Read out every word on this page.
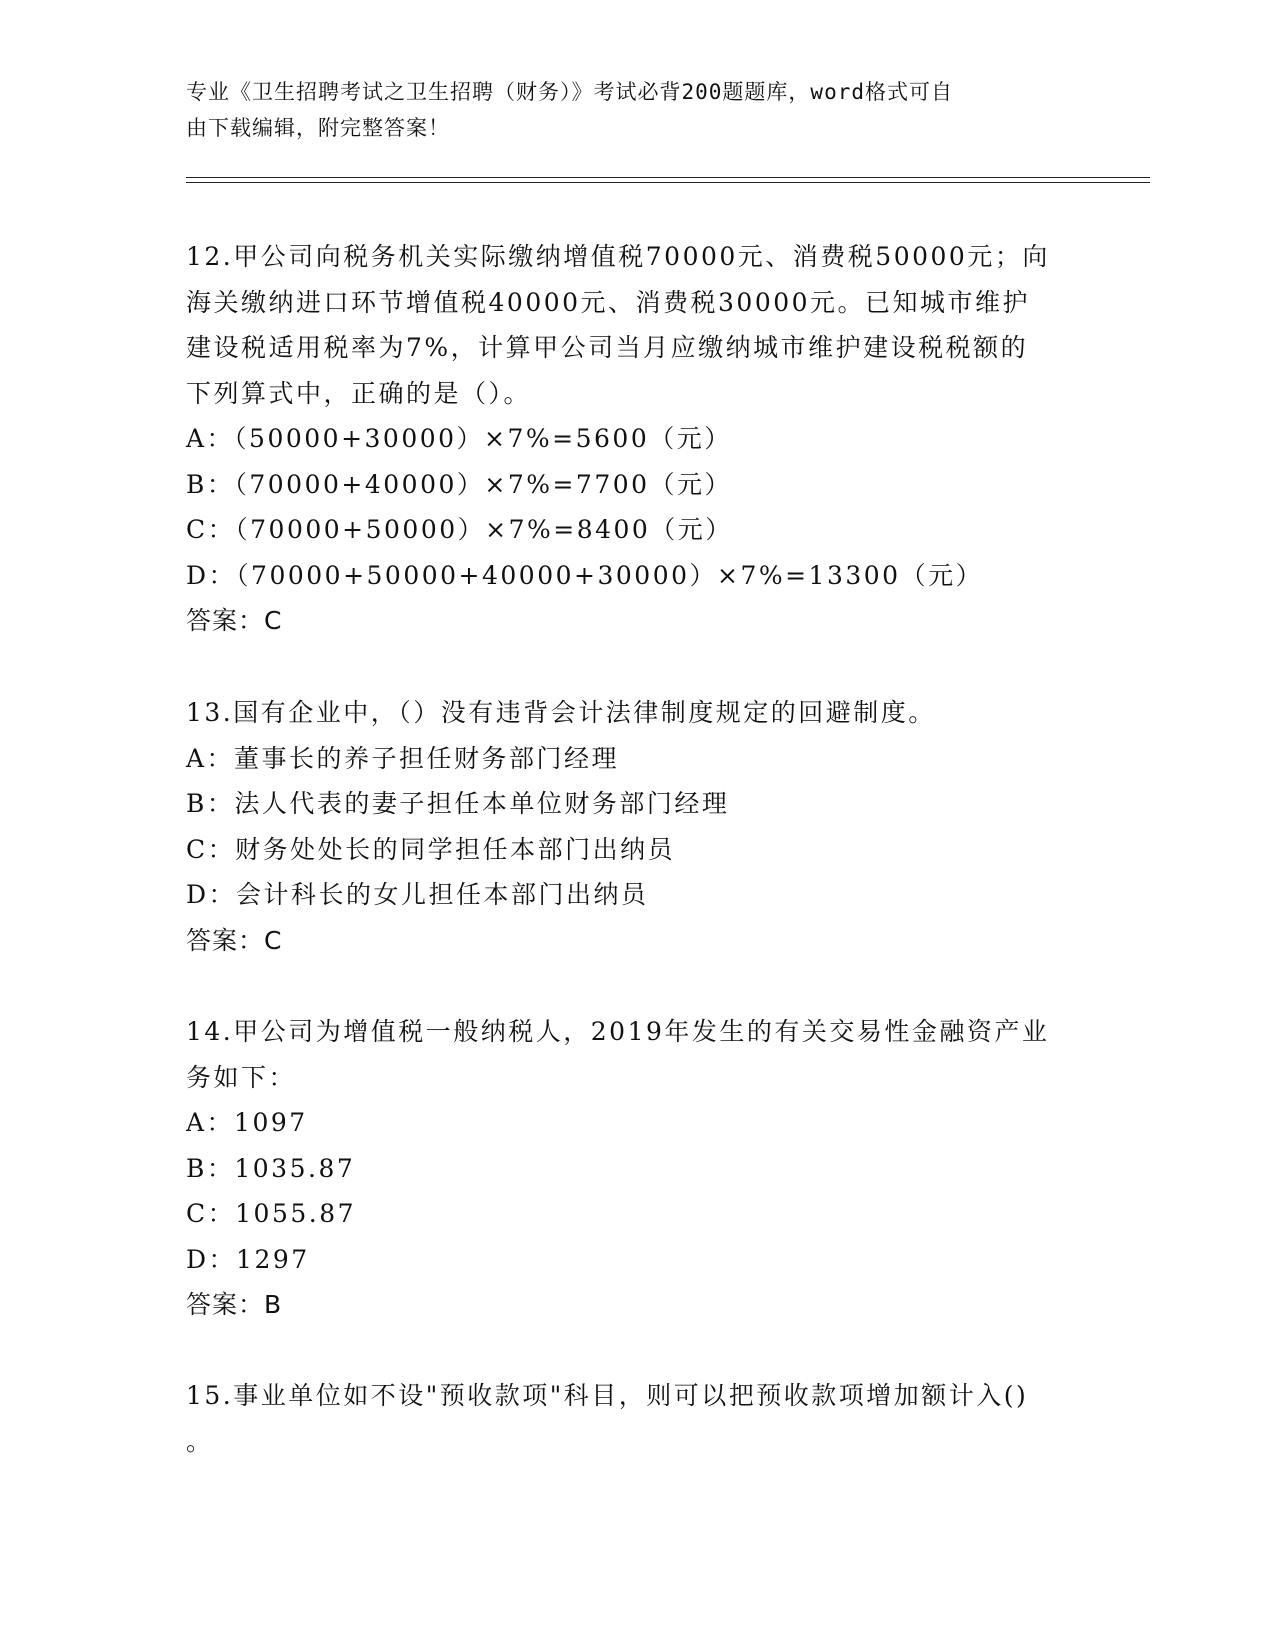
专业《卫生招聘考试之卫生招聘（财务）》考试必背200题题库，word格式可自
由下载编辑，附完整答案！
12.甲公司向税务机关实际缴纳增值税70000元、消费税50000元；向
海关缴纳进口环节增值税40000元、消费税30000元。已知城市维护
建设税适用税率为7%，计算甲公司当月应缴纳城市维护建设税税额的
下列算式中，正确的是（）。
A：（50000+30000）×7%=5600（元）
B：（70000+40000）×7%=7700（元）
C：（70000+50000）×7%=8400（元）
D：（70000+50000+40000+30000）×7%=13300（元）
答案：C
13.国有企业中，（）没有违背会计法律制度规定的回避制度。
A：董事长的养子担任财务部门经理
B：法人代表的妻子担任本单位财务部门经理
C：财务处处长的同学担任本部门出纳员
D：会计科长的女儿担任本部门出纳员
答案：C
14.甲公司为增值税一般纳税人，2019年发生的有关交易性金融资产业
务如下：
A：1097
B：1035.87
C：1055.87
D：1297
答案：B
15.事业单位如不设"预收款项"科目，则可以把预收款项增加额计入()
。
